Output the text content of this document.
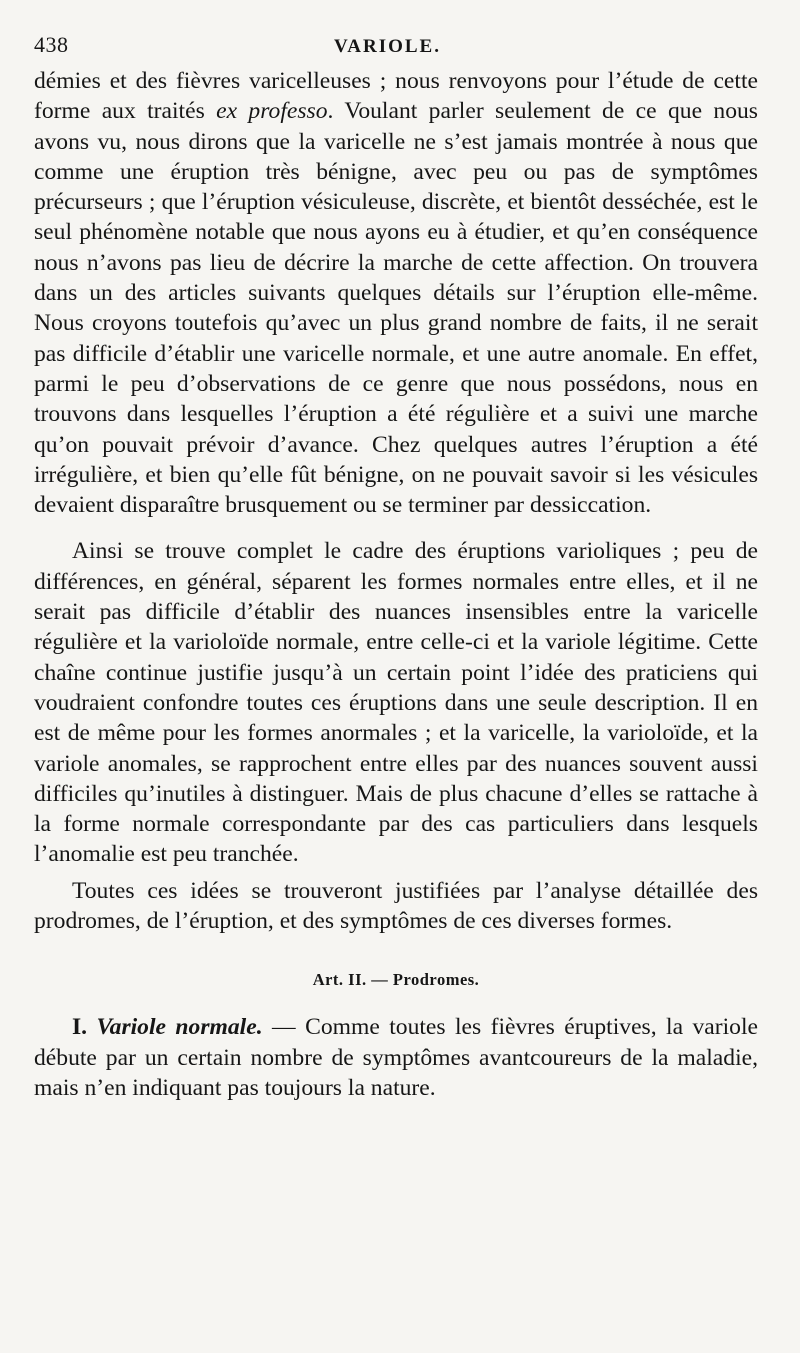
438	VARIOLE.

démies et des fièvres varicelleuses ; nous renvoyons pour l’étude de cette forme aux traités ex professo. Voulant parler seulement de ce que nous avons vu, nous dirons que la varicelle ne s’est jamais montrée à nous que comme une éruption très bénigne, avec peu ou pas de symptômes précurseurs ; que l’éruption vésiculeuse, discrète, et bientôt desséchée, est le seul phénomène notable que nous ayons eu à étudier, et qu’en conséquence nous n’avons pas lieu de décrire la marche de cette affection. On trouvera dans un des articles suivants quelques détails sur l’éruption elle-même. Nous croyons toutefois qu’avec un plus grand nombre de faits, il ne serait pas difficile d’établir une varicelle normale, et une autre anomale. En effet, parmi le peu d’observations de ce genre que nous possédons, nous en trouvons dans lesquelles l’éruption a été régulière et a suivi une marche qu’on pouvait prévoir d’avance. Chez quelques autres l’éruption a été irrégulière, et bien qu’elle fût bénigne, on ne pouvait savoir si les vésicules devaient disparaître brusquement ou se terminer par dessiccation.

Ainsi se trouve complet le cadre des éruptions varioliques ; peu de différences, en général, séparent les formes normales entre elles, et il ne serait pas difficile d’établir des nuances insensibles entre la varicelle régulière et la varioloïde normale, entre celle-ci et la variole légitime. Cette chaîne continue justifie jusqu’à un certain point l’idée des praticiens qui voudraient confondre toutes ces éruptions dans une seule description. Il en est de même pour les formes anormales ; et la varicelle, la varioloïde, et la variole anomales, se rapprochent entre elles par des nuances souvent aussi difficiles qu’inutiles à distinguer. Mais de plus chacune d’elles se rattache à la forme normale correspondante par des cas particuliers dans lesquels l’anomalie est peu tranchée.

Toutes ces idées se trouveront justifiées par l’analyse détaillée des prodromes, de l’éruption, et des symptômes de ces diverses formes.

Art. II. — Prodromes.

I. Variole normale. — Comme toutes les fièvres éruptives, la variole débute par un certain nombre de symptômes avantcoureurs de la maladie, mais n’en indiquant pas toujours la nature.
